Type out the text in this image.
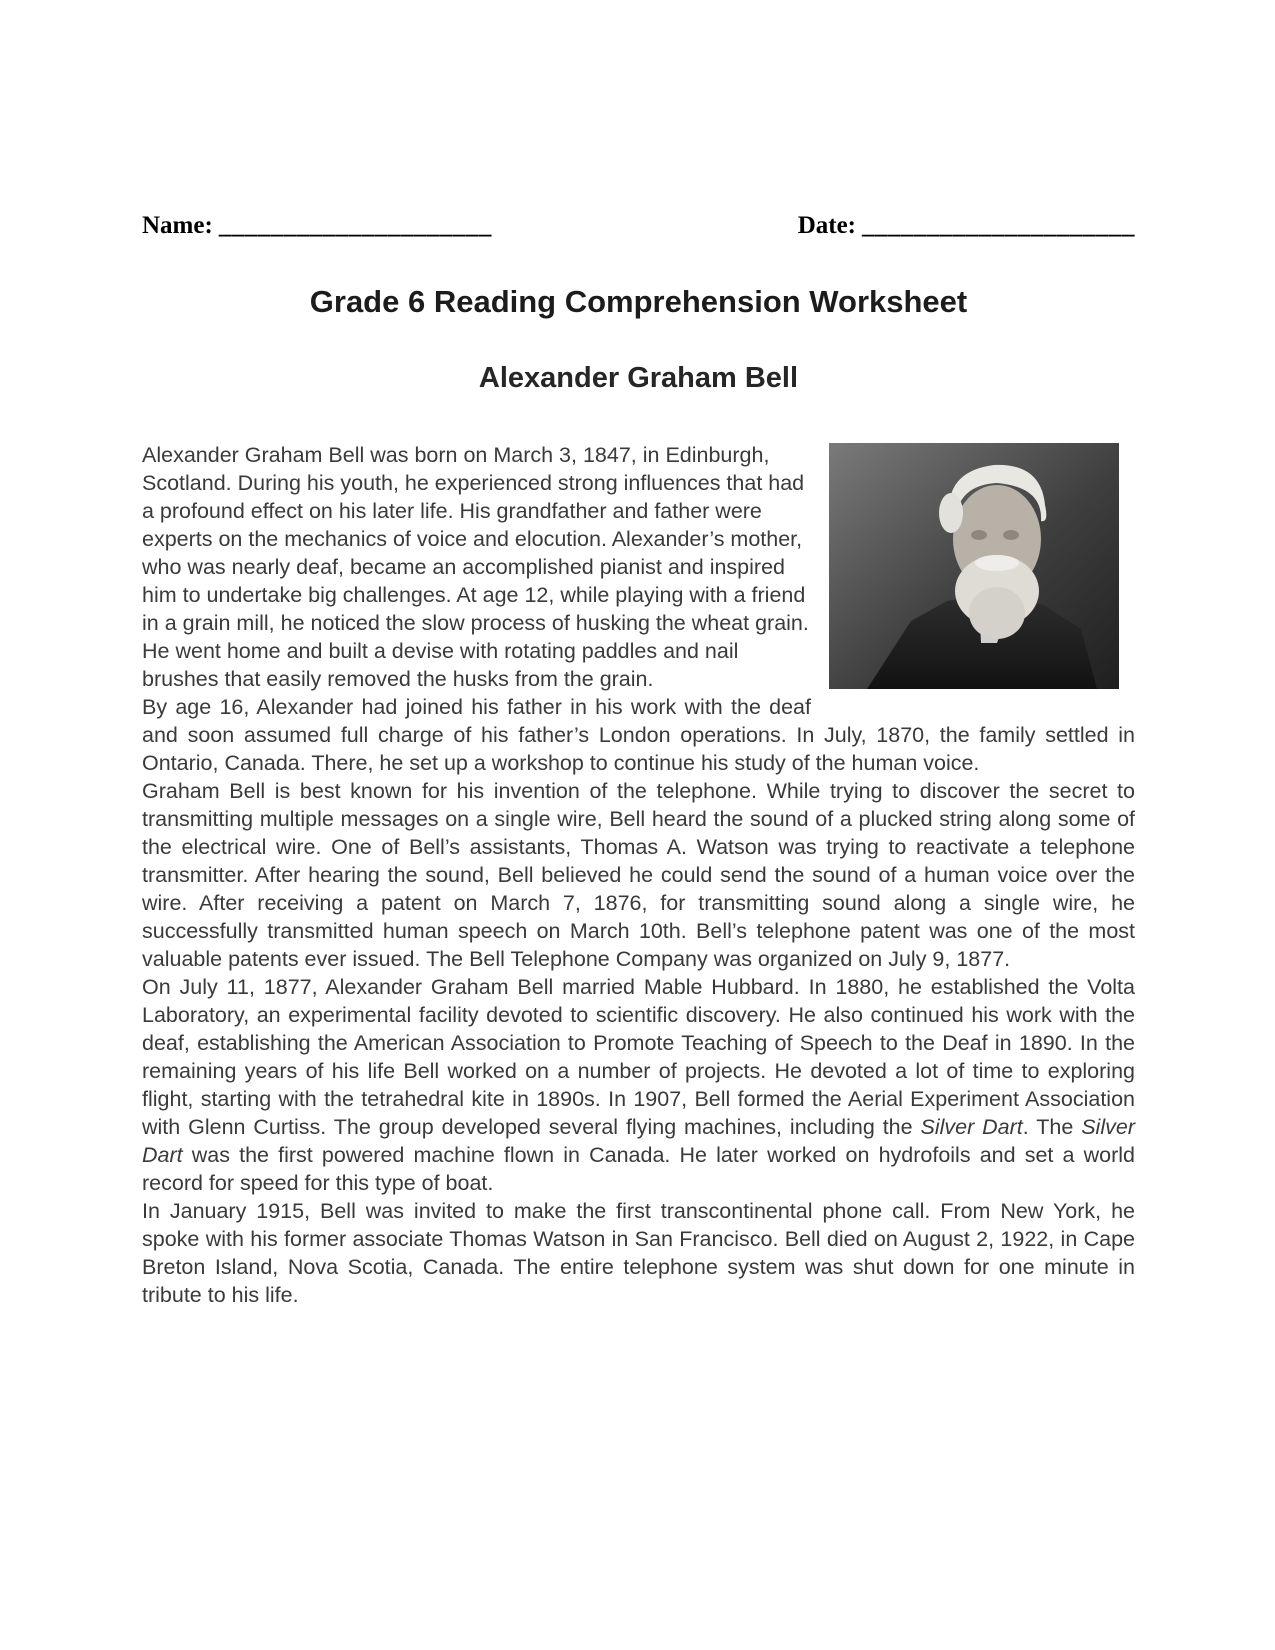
Name: _____________________	Date: _____________________
Grade 6 Reading Comprehension Worksheet
Alexander Graham Bell

Alexander Graham Bell was born on March 3, 1847, in Edinburgh, Scotland. During his youth, he experienced strong influences that had a profound effect on his later life. His grandfather and father were experts on the mechanics of voice and elocution. Alexander’s mother, who was nearly deaf, became an accomplished pianist and inspired him to undertake big challenges. At age 12, while playing with a friend in a grain mill, he noticed the slow process of husking the wheat grain. He went home and built a devise with rotating paddles and nail brushes that easily removed the husks from the grain.

By age 16, Alexander had joined his father in his work with the deaf and soon assumed full charge of his father’s London operations. In July, 1870, the family settled in Ontario, Canada. There, he set up a workshop to continue his study of the human voice.

Graham Bell is best known for his invention of the telephone. While trying to discover the secret to transmitting multiple messages on a single wire, Bell heard the sound of a plucked string along some of the electrical wire. One of Bell’s assistants, Thomas A. Watson was trying to reactivate a telephone transmitter. After hearing the sound, Bell believed he could send the sound of a human voice over the wire. After receiving a patent on March 7, 1876, for transmitting sound along a single wire, he successfully transmitted human speech on March 10th. Bell’s telephone patent was one of the most valuable patents ever issued. The Bell Telephone Company was organized on July 9, 1877.

On July 11, 1877, Alexander Graham Bell married Mable Hubbard. In 1880, he established the Volta Laboratory, an experimental facility devoted to scientific discovery. He also continued his work with the deaf, establishing the American Association to Promote Teaching of Speech to the Deaf in 1890. In the remaining years of his life Bell worked on a number of projects. He devoted a lot of time to exploring flight, starting with the tetrahedral kite in 1890s. In 1907, Bell formed the Aerial Experiment Association with Glenn Curtiss. The group developed several flying machines, including the Silver Dart. The Silver Dart was the first powered machine flown in Canada. He later worked on hydrofoils and set a world record for speed for this type of boat.

In January 1915, Bell was invited to make the first transcontinental phone call. From New York, he spoke with his former associate Thomas Watson in San Francisco. Bell died on August 2, 1922, in Cape Breton Island, Nova Scotia, Canada. The entire telephone system was shut down for one minute in tribute to his life.
